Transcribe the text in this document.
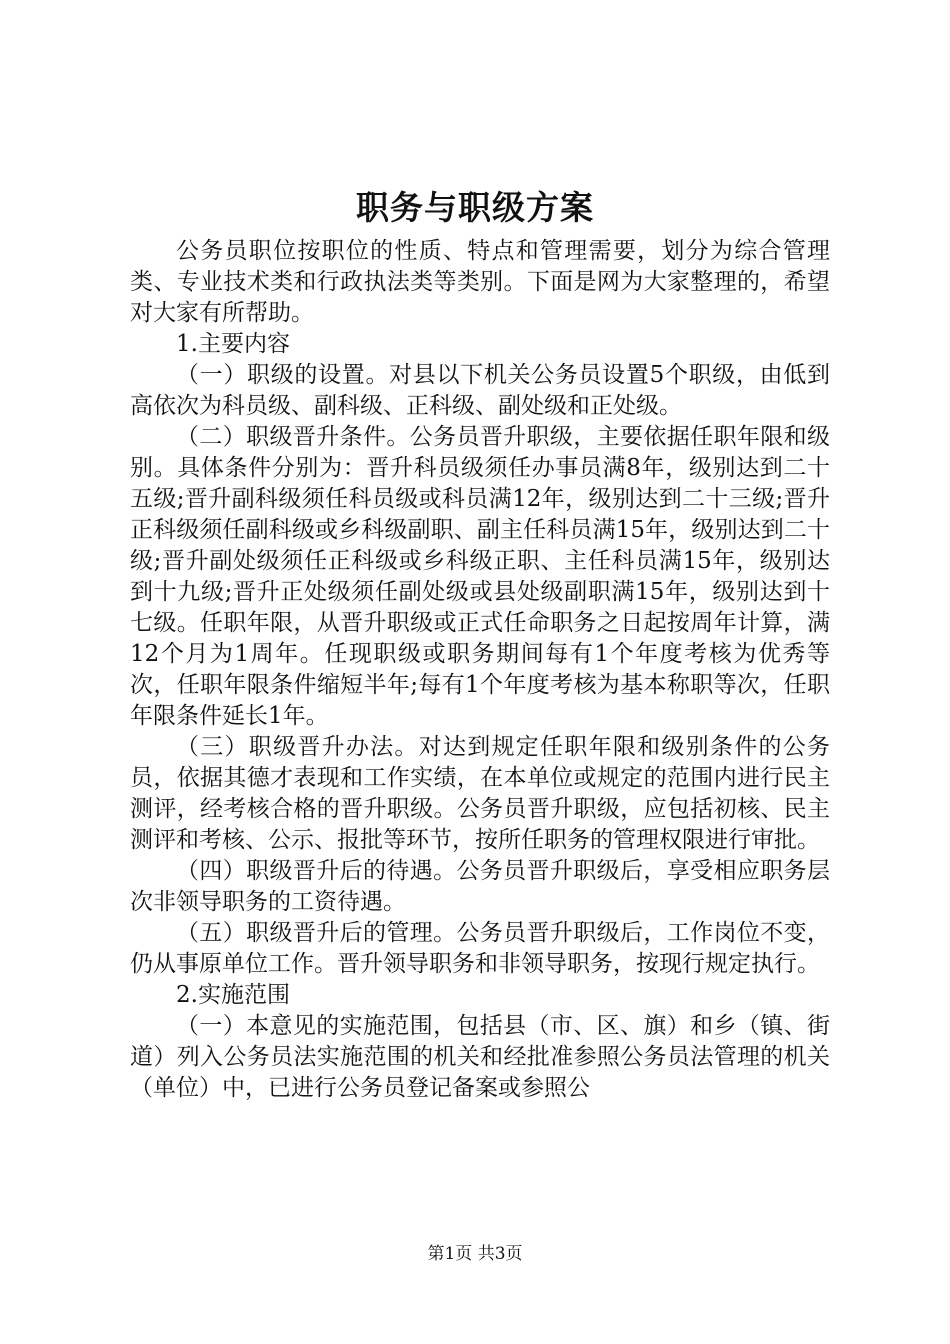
职务与职级方案

公务员职位按职位的性质、特点和管理需要，划分为综合管理类、专业技术类和行政执法类等类别。下面是网为大家整理的，希望对大家有所帮助。

1.主要内容

（一）职级的设置。对县以下机关公务员设置5个职级，由低到高依次为科员级、副科级、正科级、副处级和正处级。

（二）职级晋升条件。公务员晋升职级，主要依据任职年限和级别。具体条件分别为：晋升科员级须任办事员满8年，级别达到二十五级;晋升副科级须任科员级或科员满12年，级别达到二十三级;晋升正科级须任副科级或乡科级副职、副主任科员满15年，级别达到二十级;晋升副处级须任正科级或乡科级正职、主任科员满15年，级别达到十九级;晋升正处级须任副处级或县处级副职满15年，级别达到十七级。任职年限，从晋升职级或正式任命职务之日起按周年计算，满12个月为1周年。任现职级或职务期间每有1个年度考核为优秀等次，任职年限条件缩短半年;每有1个年度考核为基本称职等次，任职年限条件延长1年。

（三）职级晋升办法。对达到规定任职年限和级别条件的公务员，依据其德才表现和工作实绩，在本单位或规定的范围内进行民主测评，经考核合格的晋升职级。公务员晋升职级，应包括初核、民主测评和考核、公示、报批等环节，按所任职务的管理权限进行审批。

（四）职级晋升后的待遇。公务员晋升职级后，享受相应职务层次非领导职务的工资待遇。

（五）职级晋升后的管理。公务员晋升职级后，工作岗位不变，仍从事原单位工作。晋升领导职务和非领导职务，按现行规定执行。

2.实施范围

（一）本意见的实施范围，包括县（市、区、旗）和乡（镇、街道）列入公务员法实施范围的机关和经批准参照公务员法管理的机关（单位）中，已进行公务员登记备案或参照公

第1页 共3页
